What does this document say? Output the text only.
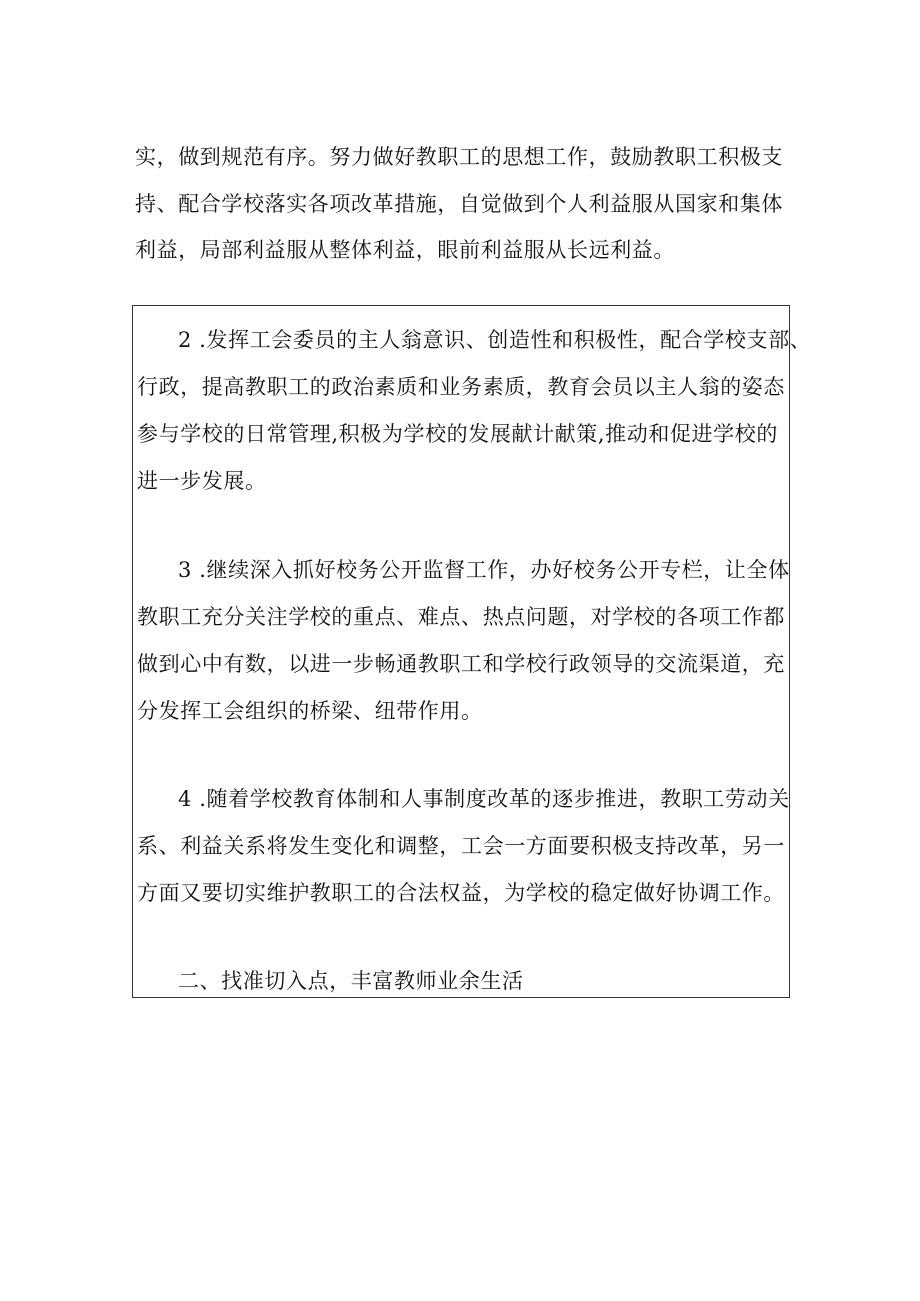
实，做到规范有序。努力做好教职工的思想工作，鼓励教职工积极支
持、配合学校落实各项改革措施，自觉做到个人利益服从国家和集体
利益，局部利益服从整体利益，眼前利益服从长远利益。
2 .发挥工会委员的主人翁意识、创造性和积极性，配合学校支部、
行政，提高教职工的政治素质和业务素质，教育会员以主人翁的姿态
参与学校的日常管理,积极为学校的发展献计献策,推动和促进学校的
进一步发展。
3 .继续深入抓好校务公开监督工作，办好校务公开专栏，让全体
教职工充分关注学校的重点、难点、热点问题，对学校的各项工作都
做到心中有数，以进一步畅通教职工和学校行政领导的交流渠道，充
分发挥工会组织的桥梁、纽带作用。
4 .随着学校教育体制和人事制度改革的逐步推进，教职工劳动关
系、利益关系将发生变化和调整，工会一方面要积极支持改革，另一
方面又要切实维护教职工的合法权益，为学校的稳定做好协调工作。
二、找准切入点，丰富教师业余生活
